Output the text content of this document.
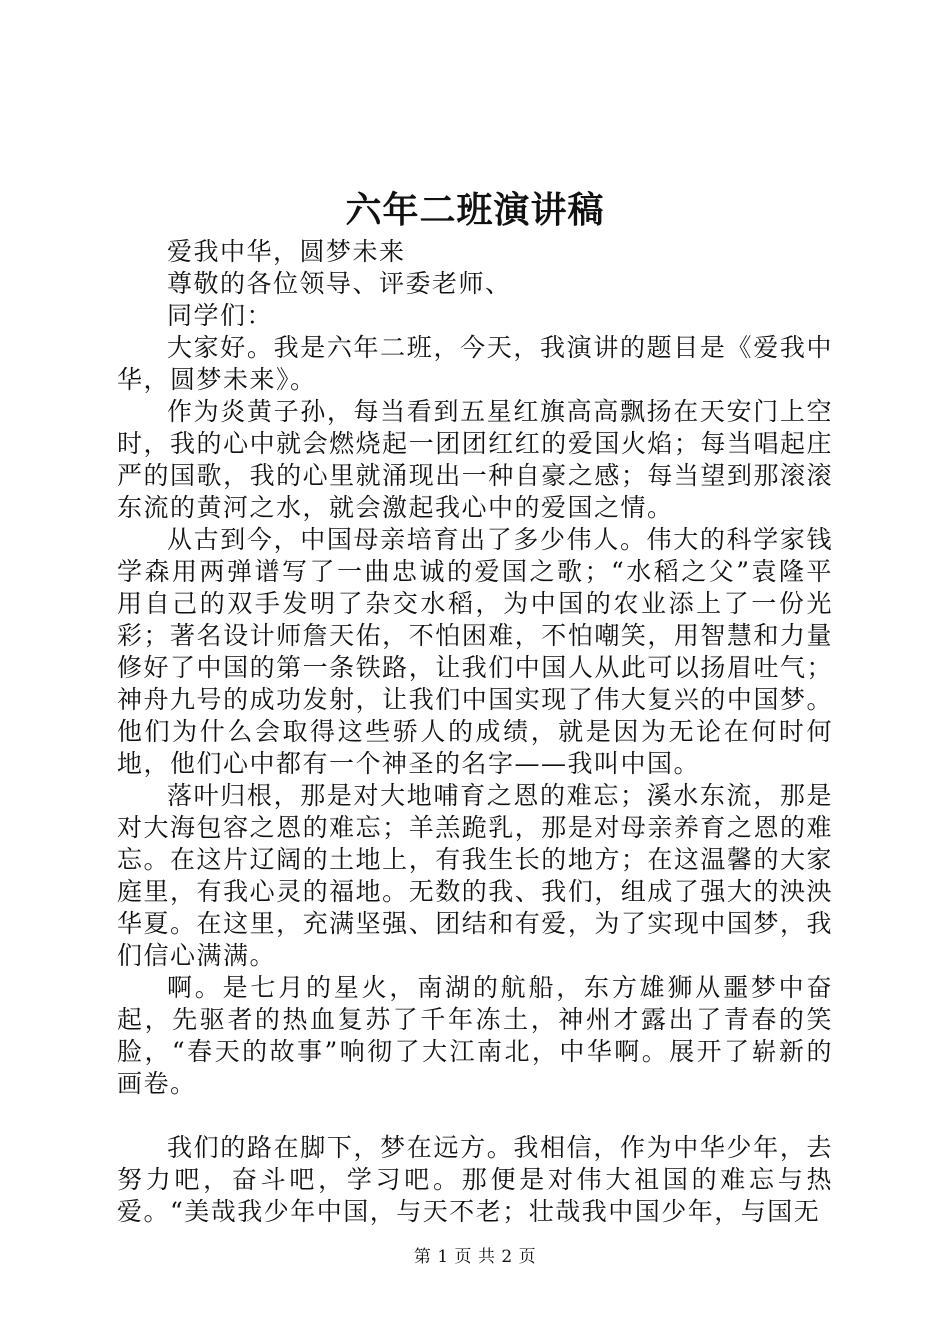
六年二班演讲稿

爱我中华，圆梦未来

尊敬的各位领导、评委老师、

同学们：

大家好。我是六年二班，今天，我演讲的题目是《爱我中华，圆梦未来》。

作为炎黄子孙，每当看到五星红旗高高飘扬在天安门上空时，我的心中就会燃烧起一团团红红的爱国火焰；每当唱起庄严的国歌，我的心里就涌现出一种自豪之感；每当望到那滚滚东流的黄河之水，就会激起我心中的爱国之情。

从古到今，中国母亲培育出了多少伟人。伟大的科学家钱学森用两弹谱写了一曲忠诚的爱国之歌；“水稻之父”袁隆平用自己的双手发明了杂交水稻，为中国的农业添上了一份光彩；著名设计师詹天佑，不怕困难，不怕嘲笑，用智慧和力量修好了中国的第一条铁路，让我们中国人从此可以扬眉吐气；神舟九号的成功发射，让我们中国实现了伟大复兴的中国梦。他们为什么会取得这些骄人的成绩，就是因为无论在何时何地，他们心中都有一个神圣的名字——我叫中国。

落叶归根，那是对大地哺育之恩的难忘；溪水东流，那是对大海包容之恩的难忘；羊羔跪乳，那是对母亲养育之恩的难忘。在这片辽阔的土地上，有我生长的地方；在这温馨的大家庭里，有我心灵的福地。无数的我、我们，组成了强大的泱泱华夏。在这里，充满坚强、团结和有爱，为了实现中国梦，我们信心满满。

啊。是七月的星火，南湖的航船，东方雄狮从噩梦中奋起，先驱者的热血复苏了千年冻土，神州才露出了青春的笑脸，“春天的故事”响彻了大江南北，中华啊。展开了崭新的画卷。

我们的路在脚下，梦在远方。我相信，作为中华少年，去努力吧，奋斗吧，学习吧。那便是对伟大祖国的难忘与热爱。“美哉我少年中国，与天不老；壮哉我中国少年，与国无

第 1 页 共 2 页
